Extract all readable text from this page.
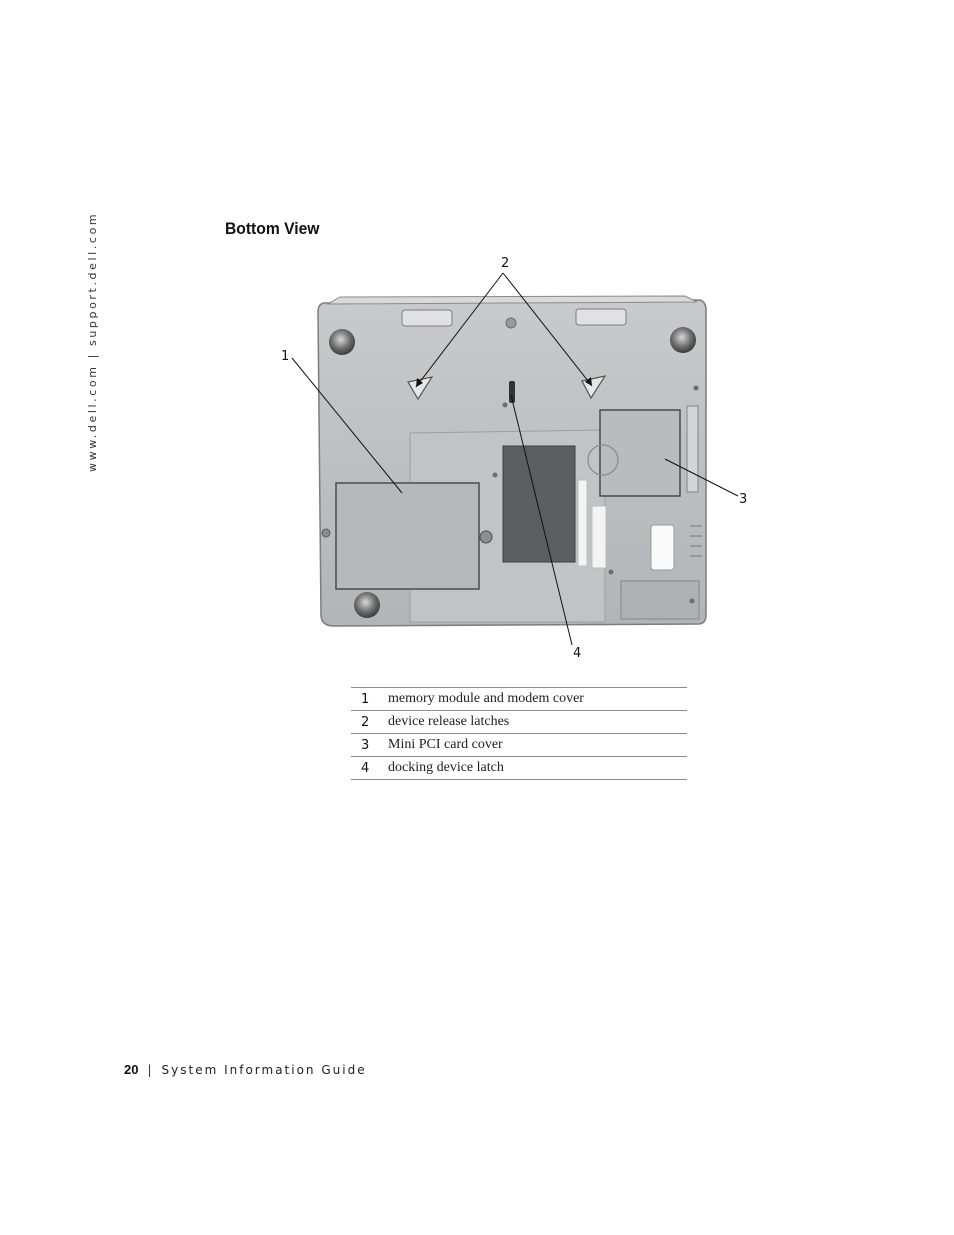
www.dell.com | support.dell.com	Bottom View
1
2
3
4
1	memory module and modem cover
2	device release latches
3	Mini PCI card cover
4	docking device latch
20 | System Information Guide
